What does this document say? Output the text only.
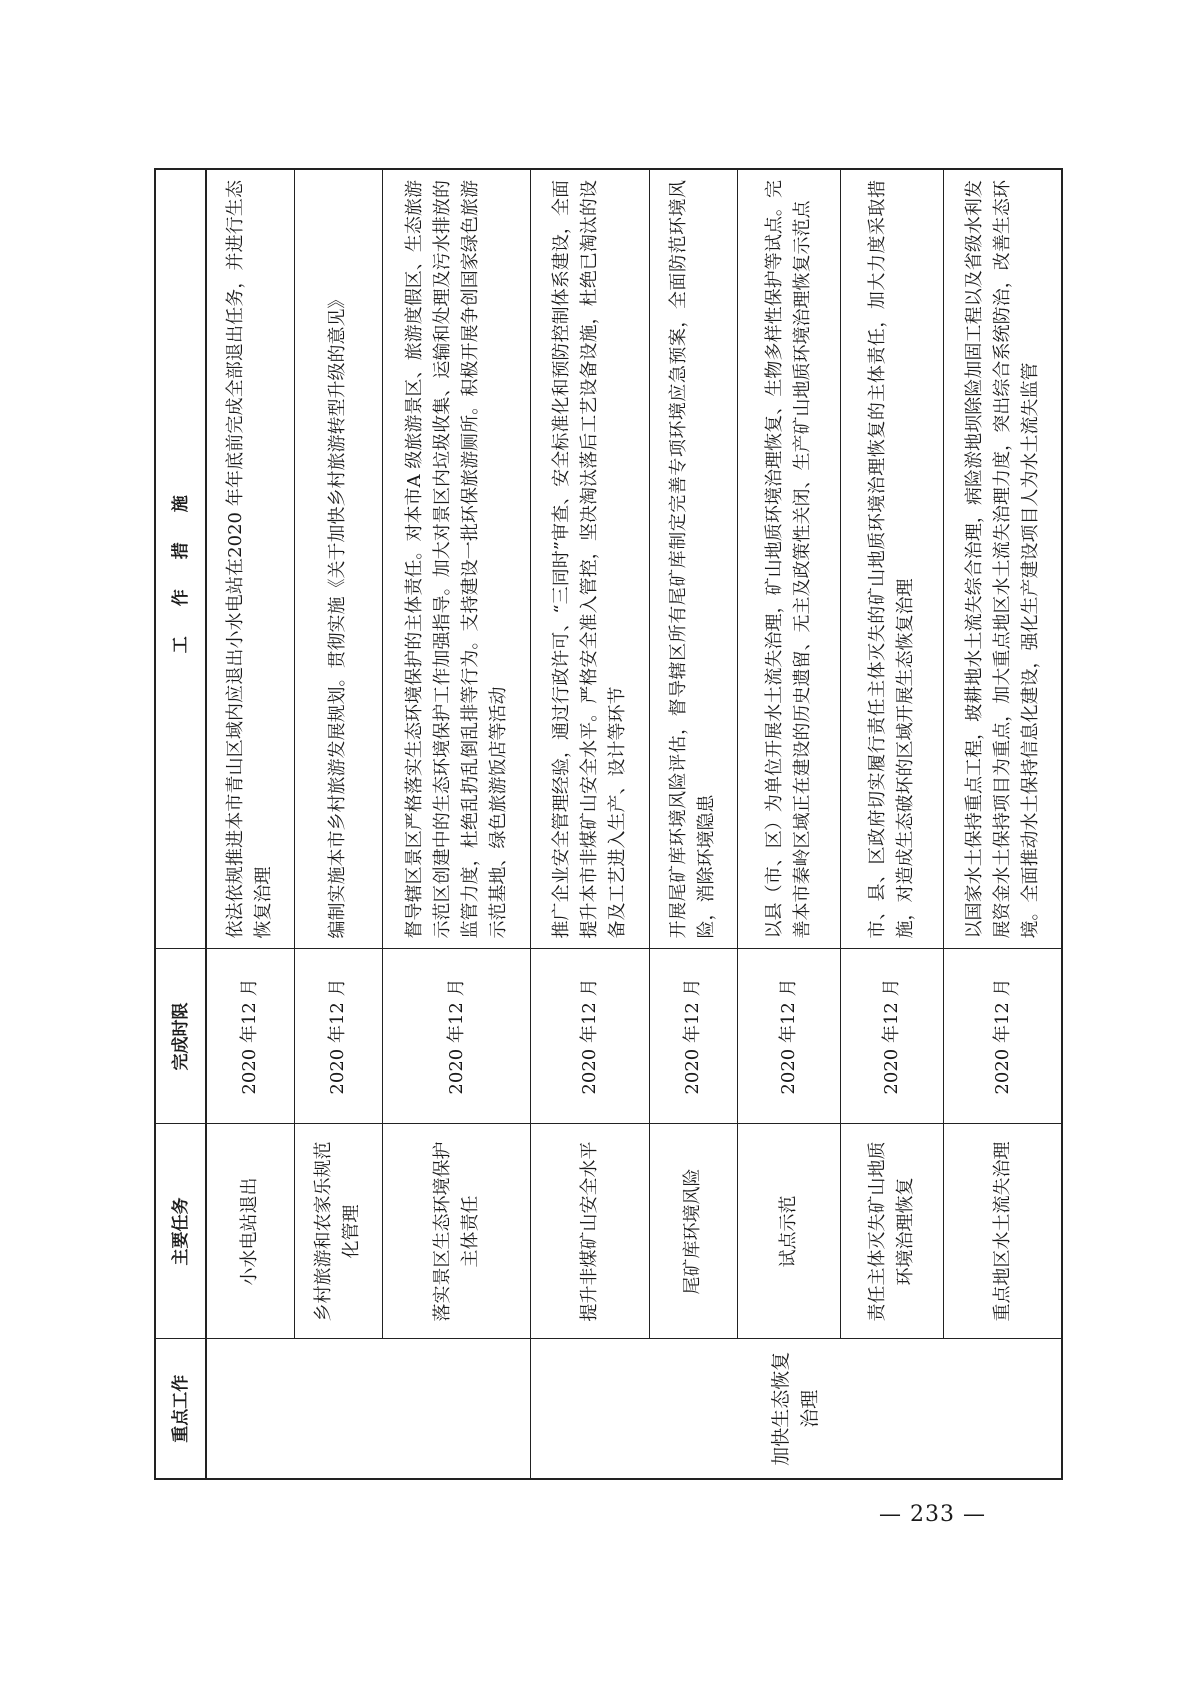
重点工作	主要任务	完成时限	工作措施
	小水电站退出	2020 年12 月	依法依规推进本市青山区域内应退出小水电站在2020 年年底前完成全部退出任务，并进行生态恢复治理
	乡村旅游和农家乐规范化管理	2020 年12 月	编制实施本市乡村旅游发展规划。贯彻实施《关于加快乡村旅游转型升级的意见》
	落实景区生态环境保护主体责任	2020 年12 月	督导辖区景区严格落实生态环境保护的主体责任。对本市A 级旅游景区、旅游度假区、生态旅游示范区创建中的生态环境保护工作加强指导。加大对景区内垃圾收集、运输和处理及污水排放的监管力度，杜绝乱扔乱倒乱排等行为。支持建设一批环保旅游厕所。积极开展争创国家绿色旅游示范基地、绿色旅游饭店等活动
加快生态恢复治理	提升非煤矿山安全水平	2020 年12 月	推广企业安全管理经验，通过行政许可、“三同时”审查、安全标准化和预防控制体系建设，全面提升本市非煤矿山安全水平。严格安全准入管控，坚决淘汰落后工艺设备设施，杜绝已淘汰的设备及工艺进入生产、设计等环节
	尾矿库环境风险	2020 年12 月	开展尾矿库环境风险评估，督导辖区所有尾矿库制定完善专项环境应急预案，全面防范环境风险，消除环境隐患
	试点示范	2020 年12 月	以县（市、区）为单位开展水土流失治理，矿山地质环境治理恢复、生物多样性保护等试点。完善本市秦岭区域正在建设的历史遗留、无主及政策性关闭、生产矿山地质环境治理恢复示范点
	责任主体灭失矿山地质环境治理恢复	2020 年12 月	市、县、区政府切实履行责任主体灭失的矿山地质环境治理恢复的主体责任，加大力度采取措施，对造成生态破坏的区域开展生态恢复治理
	重点地区水土流失治理	2020 年12 月	以国家水土保持重点工程，坡耕地水土流失综合治理，病险淤地坝除险加固工程以及省级水利发展资金水土保持项目为重点，加大重点地区水土流失治理力度，突出综合系统防治，改善生态环境。全面推动水土保持信息化建设，强化生产建设项目人为水土流失监管
— 233 —
